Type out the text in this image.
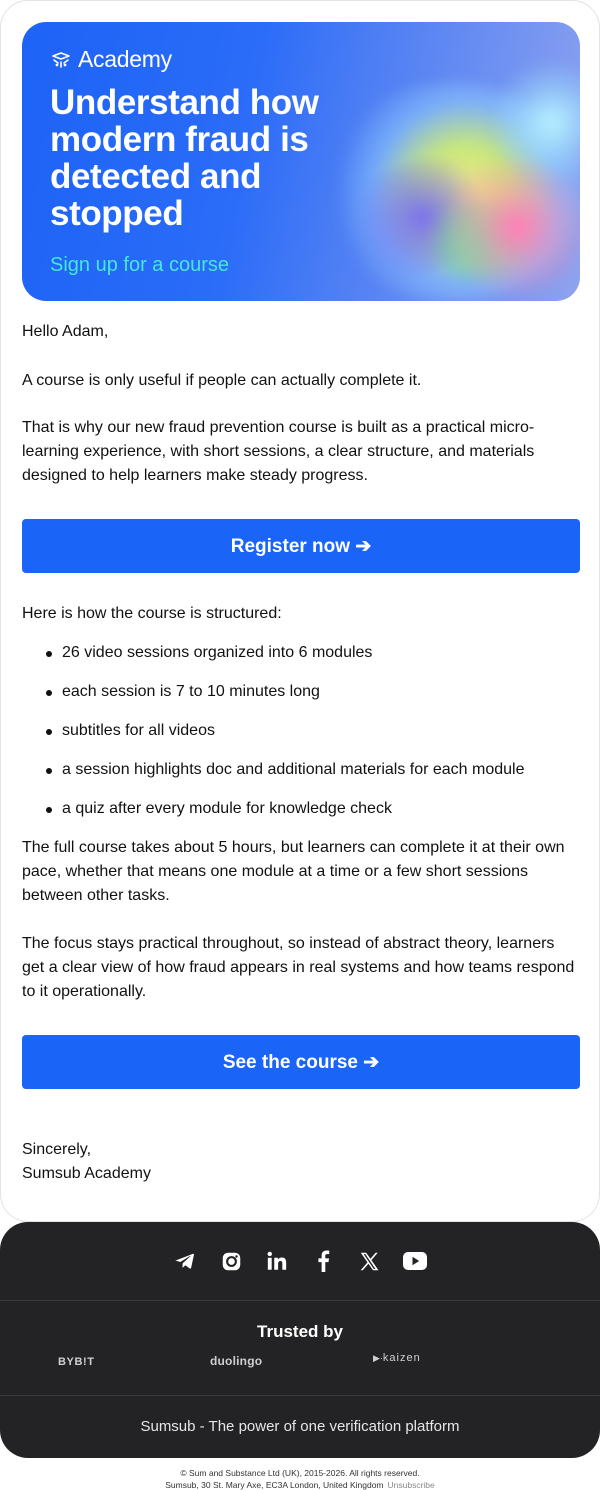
Academy
Understand how modern fraud is detected and stopped
Sign up for a course
Hello Adam,
A course is only useful if people can actually complete it.
That is why our new fraud prevention course is built as a practical micro-learning experience, with short sessions, a clear structure, and materials designed to help learners make steady progress.
Register now ➔
Here is how the course is structured:
26 video sessions organized into 6 modules
each session is 7 to 10 minutes long
subtitles for all videos
a session highlights doc and additional materials for each module
a quiz after every module for knowledge check
The full course takes about 5 hours, but learners can complete it at their own pace, whether that means one module at a time or a few short sessions between other tasks.
The focus stays practical throughout, so instead of abstract theory, learners get a clear view of how fraud appears in real systems and how teams respond to it operationally.
See the course ➔
Sincerely,
Sumsub Academy
Trusted by
BYB!T	duolingo	▶·kaizen
Sumsub - The power of one verification platform
© Sum and Substance Ltd (UK), 2015-2026. All rights reserved.
Sumsub, 30 St. Mary Axe, EC3A London, United Kingdom Unsubscribe
